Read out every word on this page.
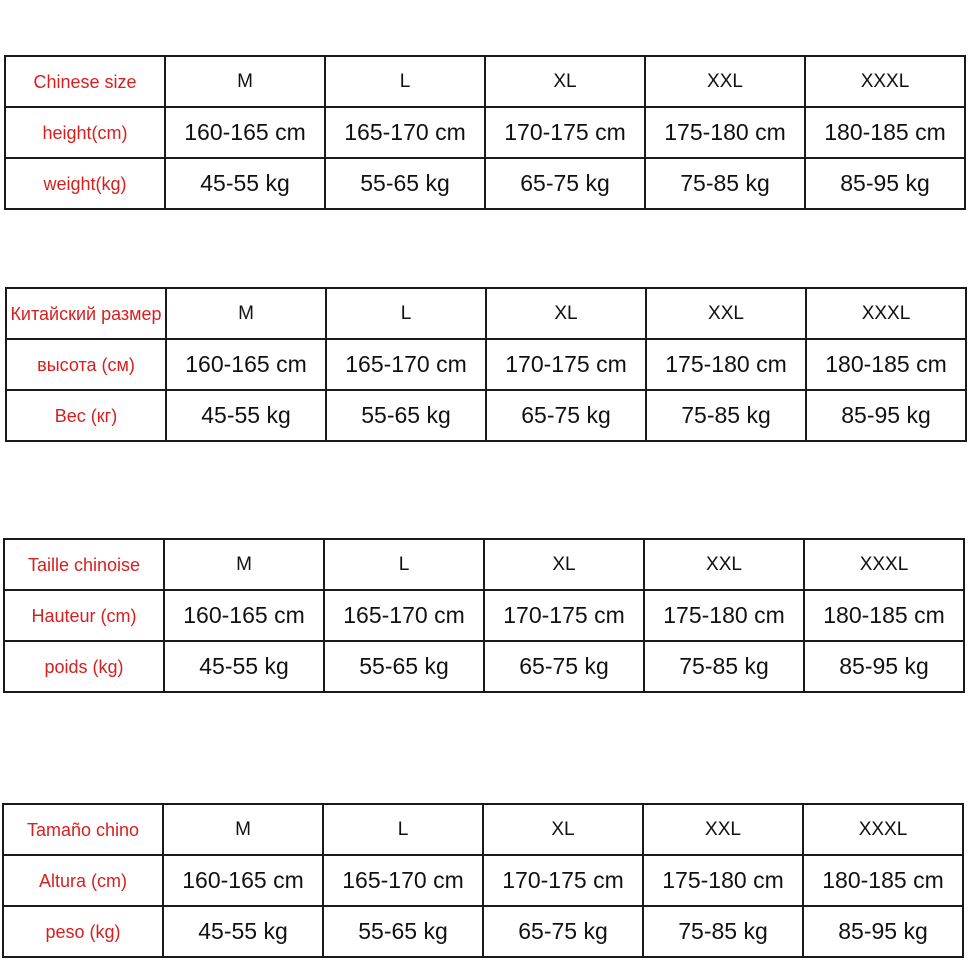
Chinese size	M	L	XL	XXL	XXXL
height(cm)	160-165 cm	165-170 cm	170-175 cm	175-180 cm	180-185 cm
weight(kg)	45-55 kg	55-65 kg	65-75 kg	75-85 kg	85-95 kg
Китайский размер	M	L	XL	XXL	XXXL
высота (см)	160-165 cm	165-170 cm	170-175 cm	175-180 cm	180-185 cm
Вес (кг)	45-55 kg	55-65 kg	65-75 kg	75-85 kg	85-95 kg
Taille chinoise	M	L	XL	XXL	XXXL
Hauteur (cm)	160-165 cm	165-170 cm	170-175 cm	175-180 cm	180-185 cm
poids (kg)	45-55 kg	55-65 kg	65-75 kg	75-85 kg	85-95 kg
Tamaño chino	M	L	XL	XXL	XXXL
Altura (cm)	160-165 cm	165-170 cm	170-175 cm	175-180 cm	180-185 cm
peso (kg)	45-55 kg	55-65 kg	65-75 kg	75-85 kg	85-95 kg
